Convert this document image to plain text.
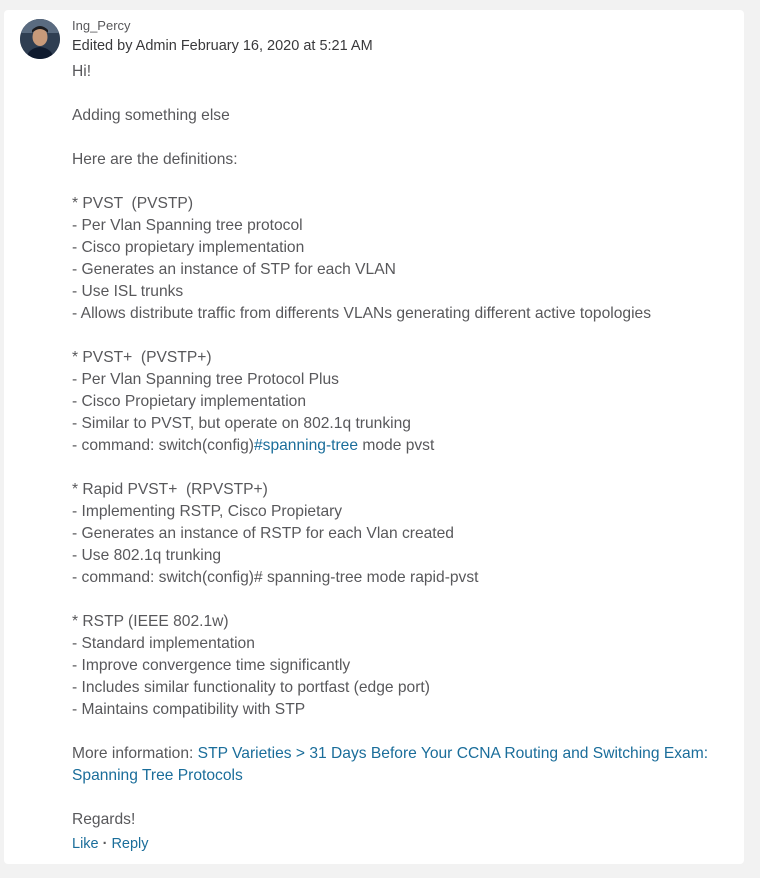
Ing_Percy
Edited by Admin February 16, 2020 at 5:21 AM
Hi!
Adding something else
Here are the definitions:
* PVST  (PVSTP)
- Per Vlan Spanning tree protocol
- Cisco propietary implementation
- Generates an instance of STP for each VLAN
- Use ISL trunks
- Allows distribute traffic from differents VLANs generating different active topologies
* PVST+  (PVSTP+)
- Per Vlan Spanning tree Protocol Plus
- Cisco Propietary implementation
- Similar to PVST, but operate on 802.1q trunking
- command: switch(config)#spanning-tree mode pvst
* Rapid PVST+  (RPVSTP+)
- Implementing RSTP, Cisco Propietary
- Generates an instance of RSTP for each Vlan created
- Use 802.1q trunking
- command: switch(config)# spanning-tree mode rapid-pvst
* RSTP (IEEE 802.1w)
- Standard implementation
- Improve convergence time significantly
- Includes similar functionality to portfast (edge port)
- Maintains compatibility with STP
More information: STP Varieties > 31 Days Before Your CCNA Routing and Switching Exam: Spanning Tree Protocols
Regards!
Like · Reply
